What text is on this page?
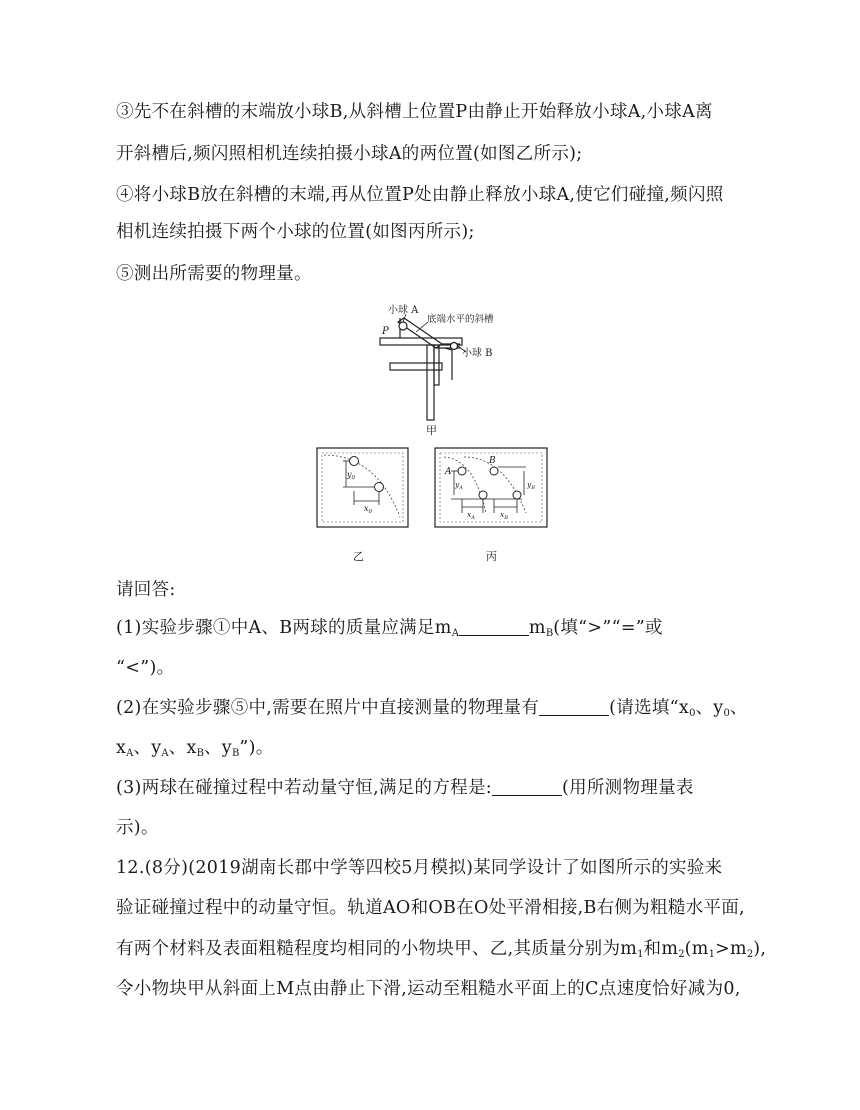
③先不在斜槽的末端放小球B,从斜槽上位置P由静止开始释放小球A,小球A离
开斜槽后,频闪照相机连续拍摄小球A的两位置(如图乙所示);
④将小球B放在斜槽的末端,再从位置P处由静止释放小球A,使它们碰撞,频闪照
相机连续拍摄下两个小球的位置(如图丙所示);
⑤测出所需要的物理量。
小球 A
底端水平的斜槽
P
小球 B
甲
$y_0$
$x_0$
乙
A
B
$y_A$	$y_B$
$x_A$	$x_B$
丙
请回答:
(1)实验步骤①中A、B两球的质量应满足$m_A$	$m_B$(填“>”“=”或
“<”)。
(2)在实验步骤⑤中,需要在照片中直接测量的物理量有	(请选填“$x_0$、$y_0$、
$x_A$、$y_A$、$x_B$、$y_B$”)。
(3)两球在碰撞过程中若动量守恒,满足的方程是:	(用所测物理量表
示)。
12.(8分)(2019湖南长郡中学等四校5月模拟)某同学设计了如图所示的实验来
验证碰撞过程中的动量守恒。轨道AO和OB在O处平滑相接,B右侧为粗糙水平面,
有两个材料及表面粗糙程度均相同的小物块甲、乙,其质量分别为$m_1$和$m_2(m_1>m_2)$,
令小物块甲从斜面上M点由静止下滑,运动至粗糙水平面上的C点速度恰好减为0,
